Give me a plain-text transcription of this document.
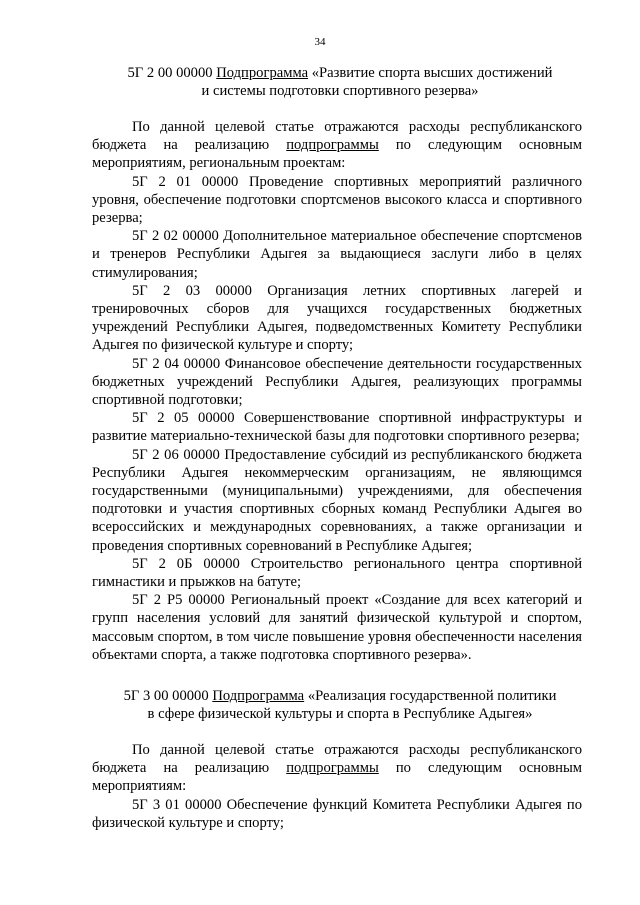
34
5Г 2 00 00000 Подпрограмма «Развитие спорта высших достижений
и системы подготовки спортивного резерва»

По данной целевой статье отражаются расходы республиканского бюджета на реализацию подпрограммы по следующим основным мероприятиям, региональным проектам:

5Г 2 01 00000 Проведение спортивных мероприятий различного уровня, обеспечение подготовки спортсменов высокого класса и спортивного резерва;

5Г 2 02 00000 Дополнительное материальное обеспечение спортсменов и тренеров Республики Адыгея за выдающиеся заслуги либо в целях стимулирования;

5Г 2 03 00000 Организация летних спортивных лагерей и тренировочных сборов для учащихся государственных бюджетных учреждений Республики Адыгея, подведомственных Комитету Республики Адыгея по физической культуре и спорту;

5Г 2 04 00000 Финансовое обеспечение деятельности государственных бюджетных учреждений Республики Адыгея, реализующих программы спортивной подготовки;

5Г 2 05 00000 Совершенствование спортивной инфраструктуры и развитие материально-технической базы для подготовки спортивного резерва;

5Г 2 06 00000 Предоставление субсидий из республиканского бюджета Республики Адыгея некоммерческим организациям, не являющимся государственными (муниципальными) учреждениями, для обеспечения подготовки и участия спортивных сборных команд Республики Адыгея во всероссийских и международных соревнованиях, а также организации и проведения спортивных соревнований в Республике Адыгея;

5Г 2 0Б 00000 Строительство регионального центра спортивной гимнастики и прыжков на батуте;

5Г 2 Р5 00000 Региональный проект «Создание для всех категорий и групп населения условий для занятий физической культурой и спортом, массовым спортом, в том числе повышение уровня обеспеченности населения объектами спорта, а также подготовка спортивного резерва».

5Г 3 00 00000 Подпрограмма «Реализация государственной политики
в сфере физической культуры и спорта в Республике Адыгея»

По данной целевой статье отражаются расходы республиканского бюджета на реализацию подпрограммы по следующим основным мероприятиям:

5Г 3 01 00000 Обеспечение функций Комитета Республики Адыгея по физической культуре и спорту;
